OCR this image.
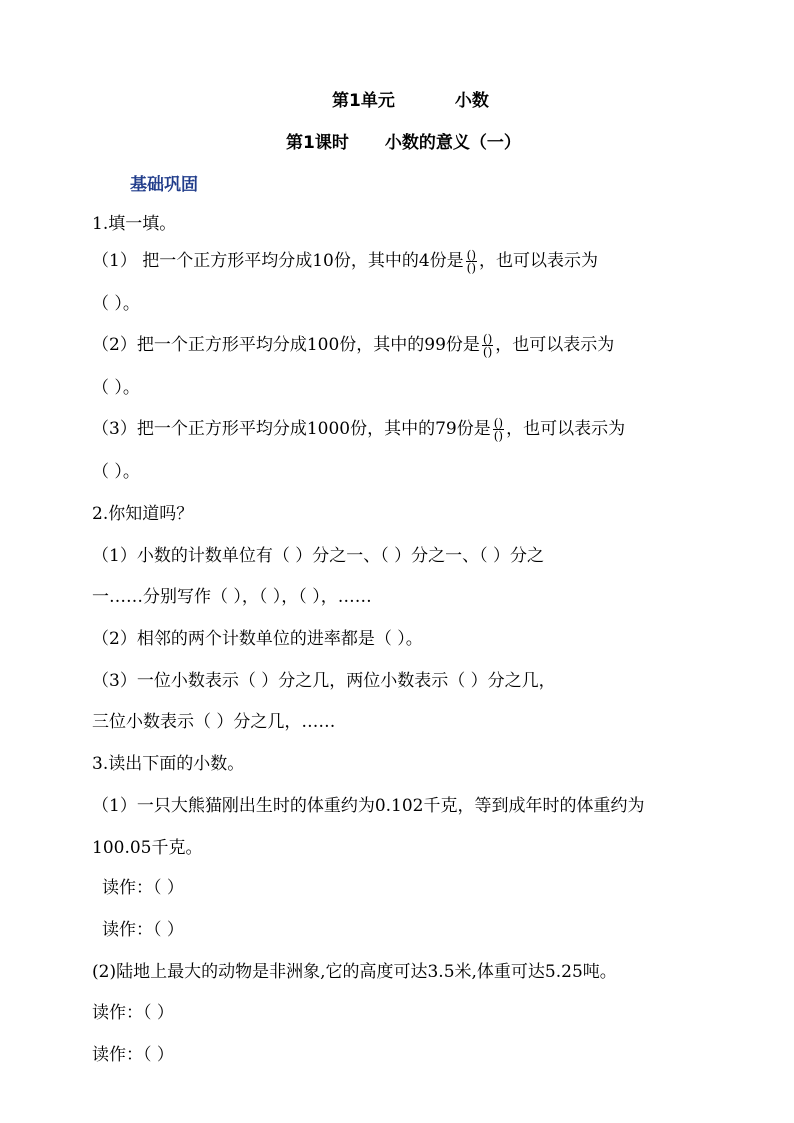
第1单元	小数
第1课时 小数的意义（一）
基础巩固
1.填一填。
（1） 把一个正方形平均分成10份，其中的4份是 $\frac{()}{()}$ ，也可以表示为
（ ）。
（2）把一个正方形平均分成100份，其中的99份是 $\frac{()}{()}$ ，也可以表示为
（ ）。
（3）把一个正方形平均分成1000份，其中的79份是 $\frac{()}{()}$ ，也可以表示为
（ ）。
2.你知道吗？
（1）小数的计数单位有（ ）分之一、（ ）分之一、（ ）分之
一……分别写作（ ），（ ），（ ），……
（2）相邻的两个计数单位的进率都是（ ）。
（3）一位小数表示（ ）分之几，两位小数表示（ ）分之几，
三位小数表示（ ）分之几，……
3.读出下面的小数。
（1）一只大熊猫刚出生时的体重约为0.102千克，等到成年时的体重约为
100.05千克。
读作：（ ）
读作：（ ）
(2)陆地上最大的动物是非洲象,它的高度可达3.5米,体重可达5.25吨。
读作：（ ）
读作：（ ）
